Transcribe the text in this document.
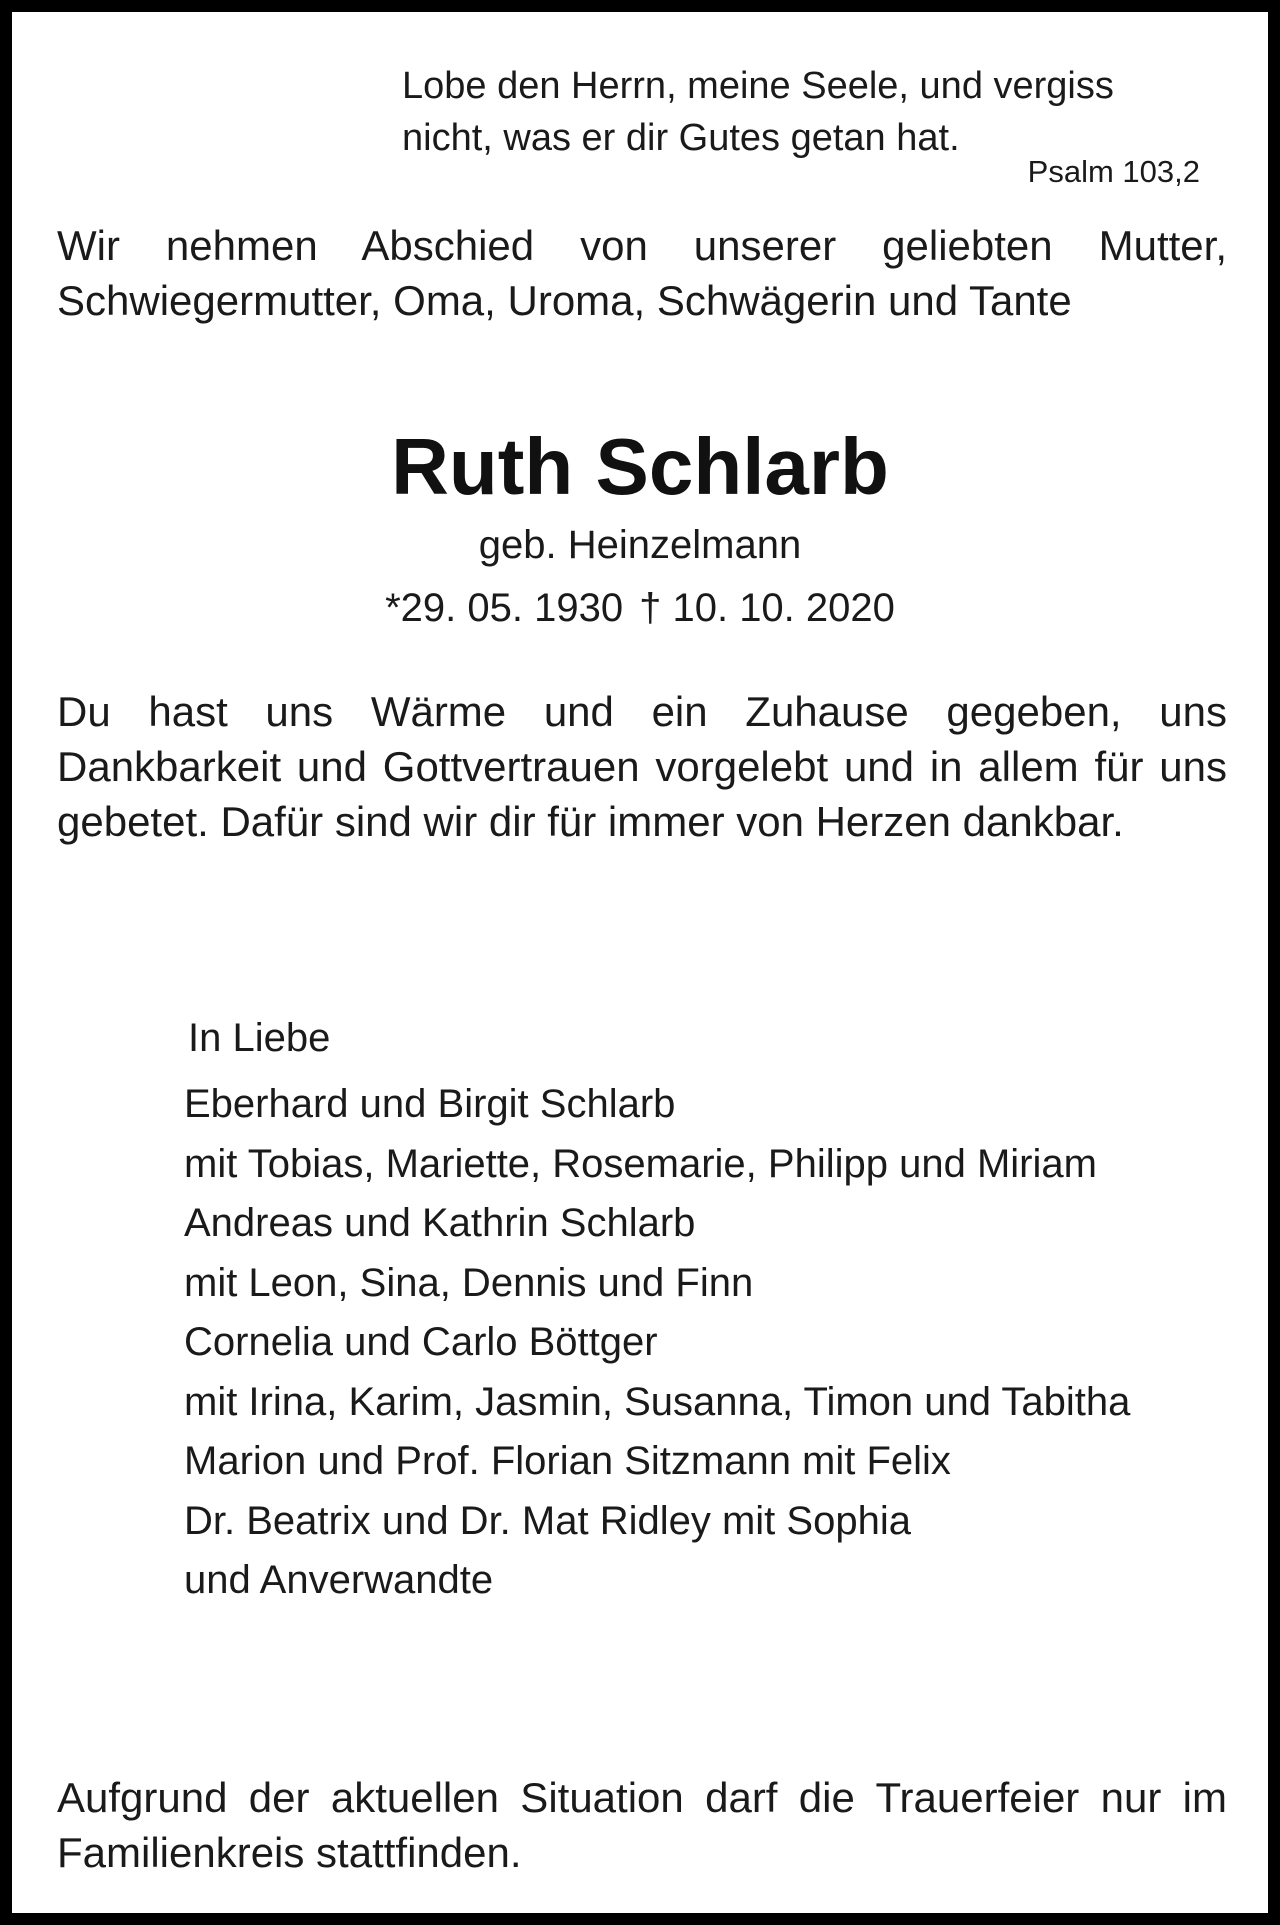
Lobe den Herrn, meine Seele, und vergiss
nicht, was er dir Gutes getan hat.
Psalm 103,2
Wir nehmen Abschied von unserer geliebten Mutter, Schwiegermutter, Oma, Uroma, Schwägerin und Tante
Ruth Schlarb
geb. Heinzelmann
*29. 05. 1930 † 10. 10. 2020
Du hast uns Wärme und ein Zuhause gegeben, uns Dankbarkeit und Gottvertrauen vorgelebt und in allem für uns gebetet. Dafür sind wir dir für immer von Herzen dankbar.
In Liebe
Eberhard und Birgit Schlarb
mit Tobias, Mariette, Rosemarie, Philipp und Miriam
Andreas und Kathrin Schlarb
mit Leon, Sina, Dennis und Finn
Cornelia und Carlo Böttger
mit Irina, Karim, Jasmin, Susanna, Timon und Tabitha
Marion und Prof. Florian Sitzmann mit Felix
Dr. Beatrix und Dr. Mat Ridley mit Sophia
und Anverwandte
Aufgrund der aktuellen Situation darf die Trauerfeier nur im Familienkreis stattfinden.
